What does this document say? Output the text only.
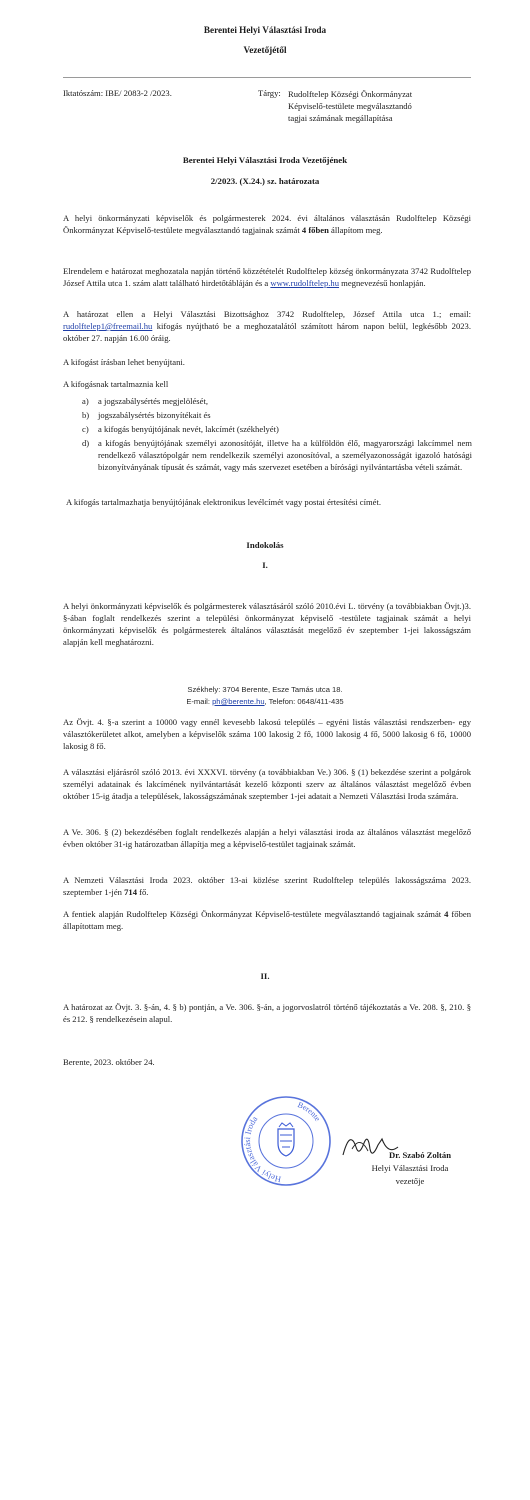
Berentei Helyi Választási Iroda
Vezetőjétől
Iktatószám: IBE/ 2083-2 /2023.	Tárgy: Rudolftelep Községi Önkormányzat
Képviselő-testülete megválasztandó
tagjai számának megállapítása
Berentei Helyi Választási Iroda Vezetőjének
2/2023. (X.24.) sz. határozata
A helyi önkormányzati képviselők és polgármesterek 2024. évi általános választásán Rudolftelep Községi Önkormányzat Képviselő-testülete megválasztandó tagjainak számát 4 főben állapítom meg.
Elrendelem e határozat meghozatala napján történő közzétételét Rudolftelep község önkormányzata 3742 Rudolftelep József Attila utca 1. szám alatt található hirdetőtábláján és a www.rudolftelep.hu megnevezésű honlapján.
A határozat ellen a Helyi Választási Bizottsághoz 3742 Rudolftelep, József Attila utca 1.; email: rudolftelep1@freemail.hu kifogás nyújtható be a meghozatalától számított három napon belül, legkésőbb 2023. október 27. napján 16.00 óráig.
A kifogást írásban lehet benyújtani.
A kifogásnak tartalmaznia kell
a)	a jogszabálysértés megjelölését,
b)	jogszabálysértés bizonyítékait és
c)	a kifogás benyújtójának nevét, lakcímét (székhelyét)
d)	a kifogás benyújtójának személyi azonosítóját, illetve ha a külföldön élő, magyarországi lakcímmel nem rendelkező választópolgár nem rendelkezik személyi azonosítóval, a személyazonosságát igazoló hatósági bizonyítványának típusát és számát, vagy más szervezet esetében a bírósági nyilvántartásba vételi számát.
A kifogás tartalmazhatja benyújtójának elektronikus levélcímét vagy postai értesítési címét.
Indokolás
I.
A helyi önkormányzati képviselők és polgármesterek választásáról szóló 2010.évi L. törvény (a továbbiakban Övjt.)3. §-ában foglalt rendelkezés szerint a települési önkormányzat képviselő -testülete tagjainak számát a helyi önkormányzati képviselők és polgármesterek általános választását megelőző év szeptember 1-jei lakosságszám alapján kell meghatározni.
Székhely: 3704 Berente, Esze Tamás utca 18.
E-mail: ph@berente.hu, Telefon: 0648/411-435
Az Övjt. 4. §-a szerint a 10000 vagy ennél kevesebb lakosú település – egyéni listás választási rendszerben- egy választókerületet alkot, amelyben a képviselők száma 100 lakosig 2 fő, 1000 lakosig 4 fő, 5000 lakosig 6 fő, 10000 lakosig 8 fő.
A választási eljárásról szóló 2013. évi XXXVI. törvény (a továbbiakban Ve.) 306. § (1) bekezdése szerint a polgárok személyi adatainak és lakcímének nyilvántartását kezelő központi szerv az általános választást megelőző évben október 15-ig átadja a települések, lakosságszámának szeptember 1-jei adatait a Nemzeti Választási Iroda számára.
A Ve. 306. § (2) bekezdésében foglalt rendelkezés alapján a helyi választási iroda az általános választást megelőző évben október 31-ig határozatban állapítja meg a képviselő-testület tagjainak számát.
A Nemzeti Választási Iroda 2023. október 13-ai közlése szerint Rudolftelep település lakosságszáma 2023. szeptember 1-jén 714 fő.
A fentiek alapján Rudolftelep Községi Önkormányzat Képviselő-testülete megválasztandó tagjainak számát 4 főben állapítottam meg.
II.
A határozat az Övjt. 3. §-án, 4. § b) pontján, a Ve. 306. §-án, a jogorvoslatról történő tájékoztatás a Ve. 208. §, 210. § és 212. § rendelkezésein alapul.
Berente, 2023. október 24.
Helyi Választási Iroda
Berente
Dr. Szabó Zoltán
Helyi Választási Iroda
vezetője
